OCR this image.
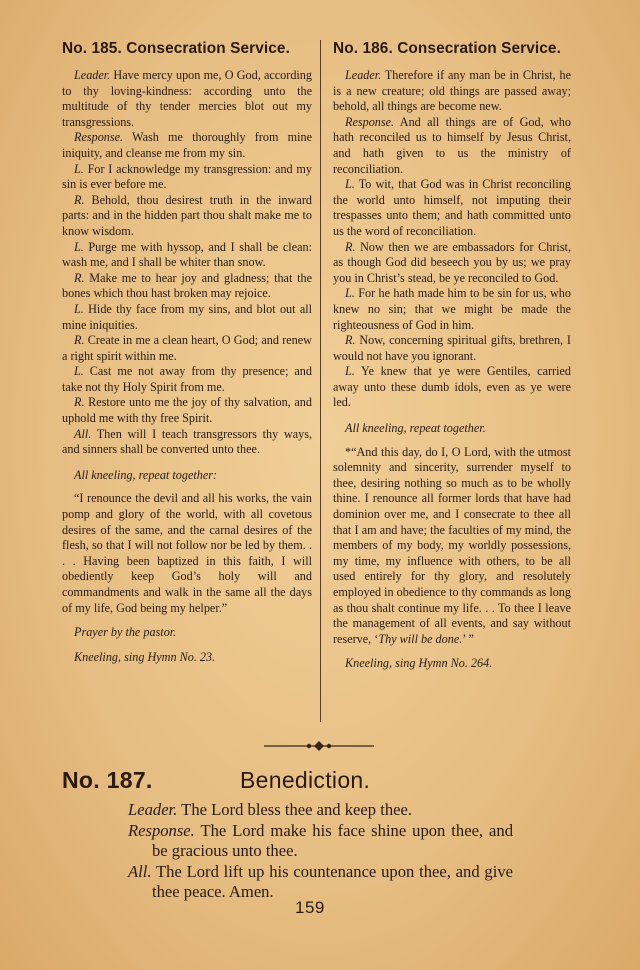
No. 185. Consecration Service.

Leader. Have mercy upon me, O God, according to thy loving-kindness: according unto the multitude of thy tender mercies blot out my transgressions.

Response. Wash me thoroughly from mine iniquity, and cleanse me from my sin.

L. For I acknowledge my transgression: and my sin is ever before me.

R. Behold, thou desirest truth in the inward parts: and in the hidden part thou shalt make me to know wisdom.

L. Purge me with hyssop, and I shall be clean: wash me, and I shall be whiter than snow.

R. Make me to hear joy and gladness; that the bones which thou hast broken may rejoice.

L. Hide thy face from my sins, and blot out all mine iniquities.

R. Create in me a clean heart, O God; and renew a right spirit within me.

L. Cast me not away from thy presence; and take not thy Holy Spirit from me.

R. Restore unto me the joy of thy salvation, and uphold me with thy free Spirit.

All. Then will I teach transgressors thy ways, and sinners shall be converted unto thee.

All kneeling, repeat together:

“I renounce the devil and all his works, the vain pomp and glory of the world, with all covetous desires of the same, and the carnal desires of the flesh, so that I will not follow nor be led by them. . . . Having been baptized in this faith, I will obediently keep God’s holy will and commandments and walk in the same all the days of my life, God being my helper.”

Prayer by the pastor.

Kneeling, sing Hymn No. 23.

No. 186. Consecration Service.

Leader. Therefore if any man be in Christ, he is a new creature; old things are passed away; behold, all things are become new.

Response. And all things are of God, who hath reconciled us to himself by Jesus Christ, and hath given to us the ministry of reconciliation.

L. To wit, that God was in Christ reconciling the world unto himself, not imputing their trespasses unto them; and hath committed unto us the word of reconciliation.

R. Now then we are embassadors for Christ, as though God did beseech you by us; we pray you in Christ’s stead, be ye reconciled to God.

L. For he hath made him to be sin for us, who knew no sin; that we might be made the righteousness of God in him.

R. Now, concerning spiritual gifts, brethren, I would not have you ignorant.

L. Ye knew that ye were Gentiles, carried away unto these dumb idols, even as ye were led.

All kneeling, repeat together.

*“And this day, do I, O Lord, with the utmost solemnity and sincerity, surrender myself to thee, desiring nothing so much as to be wholly thine. I renounce all former lords that have had dominion over me, and I consecrate to thee all that I am and have; the faculties of my mind, the members of my body, my worldly possessions, my time, my influence with others, to be all used entirely for thy glory, and resolutely employed in obedience to thy commands as long as thou shalt continue my life. . . To thee I leave the management of all events, and say without reserve, ‘Thy will be done.’ ”

Kneeling, sing Hymn No. 264.

No. 187.	Benediction.

Leader. The Lord bless thee and keep thee.

Response. The Lord make his face shine upon thee, and be gracious unto thee.

All. The Lord lift up his countenance upon thee, and give thee peace. Amen.

159
